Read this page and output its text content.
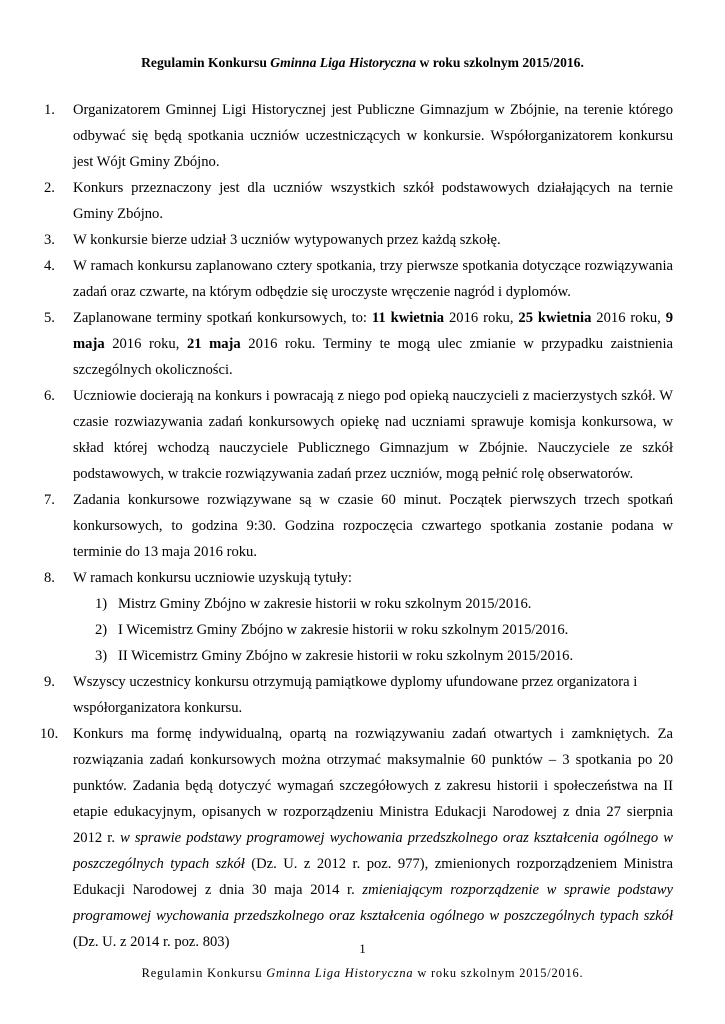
Regulamin Konkursu Gminna Liga Historyczna w roku szkolnym 2015/2016.
1. Organizatorem Gminnej Ligi Historycznej jest Publiczne Gimnazjum w Zbójnie, na terenie którego odbywać się będą spotkania uczniów uczestniczących w konkursie. Współorganizatorem konkursu jest Wójt Gminy Zbójno.
2. Konkurs przeznaczony jest dla uczniów wszystkich szkół podstawowych działających na ternie Gminy Zbójno.
3. W konkursie bierze udział 3 uczniów wytypowanych przez każdą szkołę.
4. W ramach konkursu zaplanowano cztery spotkania, trzy pierwsze spotkania dotyczące rozwiązywania zadań oraz czwarte, na którym odbędzie się uroczyste wręczenie nagród i dyplomów.
5. Zaplanowane terminy spotkań konkursowych, to: 11 kwietnia 2016 roku, 25 kwietnia 2016 roku, 9 maja 2016 roku, 21 maja 2016 roku. Terminy te mogą ulec zmianie w przypadku zaistnienia szczególnych okoliczności.
6. Uczniowie docierają na konkurs i powracają z niego pod opieką nauczycieli z macierzystych szkół. W czasie rozwiazywania zadań konkursowych opiekę nad uczniami sprawuje komisja konkursowa, w skład której wchodzą nauczyciele Publicznego Gimnazjum w Zbójnie. Nauczyciele ze szkół podstawowych, w trakcie rozwiązywania zadań przez uczniów, mogą pełnić rolę obserwatorów.
7. Zadania konkursowe rozwiązywane są w czasie 60 minut. Początek pierwszych trzech spotkań konkursowych, to godzina 9:30. Godzina rozpoczęcia czwartego spotkania zostanie podana w terminie do 13 maja 2016 roku.
8. W ramach konkursu uczniowie uzyskują tytuły:
1) Mistrz Gminy Zbójno w zakresie historii w roku szkolnym 2015/2016.
2) I Wicemistrz Gminy Zbójno w zakresie historii w roku szkolnym 2015/2016.
3) II Wicemistrz Gminy Zbójno w zakresie historii w roku szkolnym 2015/2016.
9. Wszyscy uczestnicy konkursu otrzymują pamiątkowe dyplomy ufundowane przez organizatora i współorganizatora konkursu.
10. Konkurs ma formę indywidualną, opartą na rozwiązywaniu zadań otwartych i zamkniętych. Za rozwiązania zadań konkursowych można otrzymać maksymalnie 60 punktów – 3 spotkania po 20 punktów. Zadania będą dotyczyć wymagań szczegółowych z zakresu historii i społeczeństwa na II etapie edukacyjnym, opisanych w rozporządzeniu Ministra Edukacji Narodowej z dnia 27 sierpnia 2012 r. w sprawie podstawy programowej wychowania przedszkolnego oraz kształcenia ogólnego w poszczególnych typach szkół (Dz. U. z 2012 r. poz. 977), zmienionych rozporządzeniem Ministra Edukacji Narodowej z dnia 30 maja 2014 r. zmieniającym rozporządzenie w sprawie podstawy programowej wychowania przedszkolnego oraz kształcenia ogólnego w poszczególnych typach szkół (Dz. U. z 2014 r. poz. 803)	1
Regulamin Konkursu Gminna Liga Historyczna w roku szkolnym 2015/2016.
